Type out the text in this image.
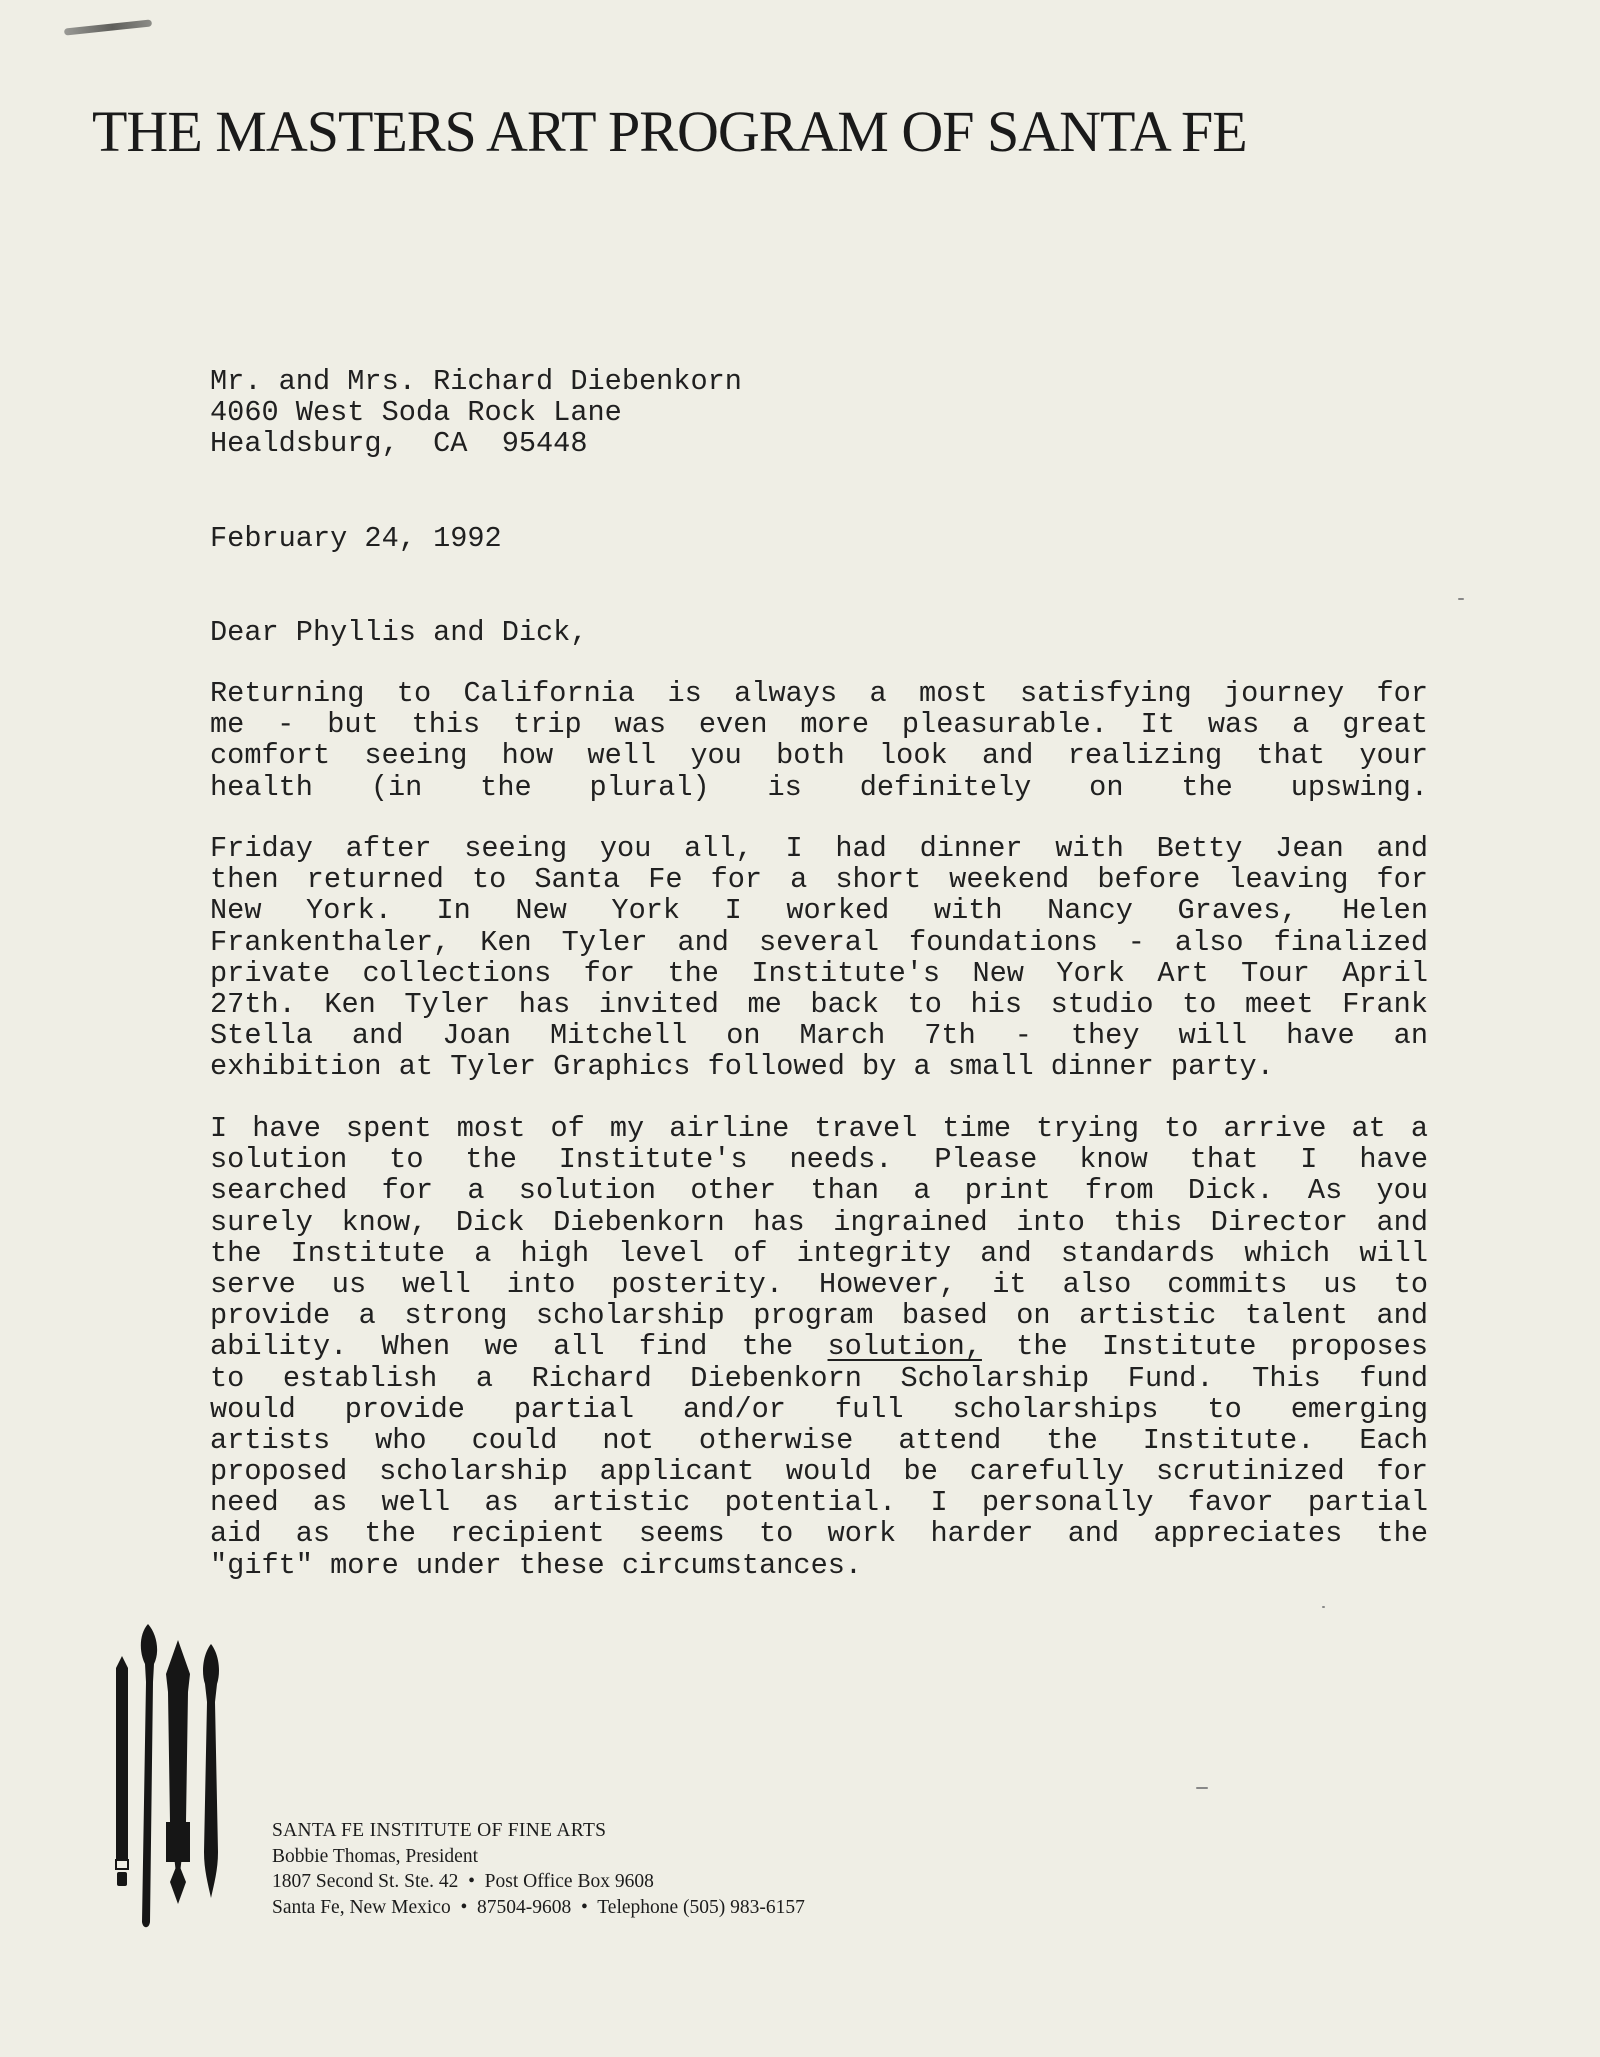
THE MASTERS ART PROGRAM OF SANTA FE
Mr. and Mrs. Richard Diebenkorn
4060 West Soda Rock Lane
Healdsburg,  CA  95448
February 24, 1992
Dear Phyllis and Dick,
Returning to California is always a most satisfying journey for
me - but this trip was even more pleasurable. It was a great
comfort seeing how well you both look and realizing that your
health (in the plural) is definitely on the upswing.
Friday after seeing you all, I had dinner with Betty Jean and
then returned to Santa Fe for a short weekend before leaving for
New York. In New York I worked with Nancy Graves, Helen
Frankenthaler, Ken Tyler and several foundations - also finalized
private collections for the Institute's New York Art Tour April
27th. Ken Tyler has invited me back to his studio to meet Frank
Stella and Joan Mitchell on March 7th - they will have an
exhibition at Tyler Graphics followed by a small dinner party.
I have spent most of my airline travel time trying to arrive at a
solution to the Institute's needs. Please know that I have
searched for a solution other than a print from Dick. As you
surely know, Dick Diebenkorn has ingrained into this Director and
the Institute a high level of integrity and standards which will
serve us well into posterity. However, it also commits us to
provide a strong scholarship program based on artistic talent and
ability. When we all find the solution, the Institute proposes
to establish a Richard Diebenkorn Scholarship Fund. This fund
would provide partial and/or full scholarships to emerging
artists who could not otherwise attend the Institute. Each
proposed scholarship applicant would be carefully scrutinized for
need as well as artistic potential. I personally favor partial
aid as the recipient seems to work harder and appreciates the
"gift" more under these circumstances.
SANTA FE INSTITUTE OF FINE ARTS
Bobbie Thomas, President
1807 Second St. Ste. 42  •  Post Office Box 9608
Santa Fe, New Mexico  •  87504-9608  •  Telephone (505) 983-6157
